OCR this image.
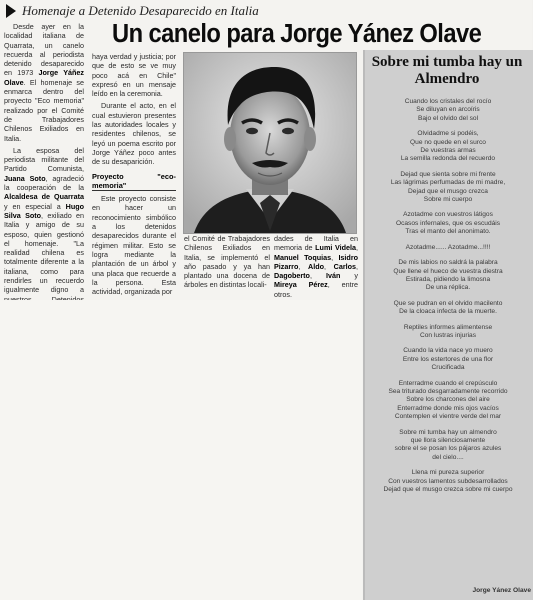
Homenaje a Detenido Desaparecido en Italia
Un canelo para Jorge Yánez Olave

Desde ayer en la localidad italiana de Quarrata, un canelo recuerda al periodista detenido desaparecido en 1973 Jorge Yáñez Olave. El homenaje se enmarca dentro del proyecto "Eco memoria" realizado por el Comité de Trabajadores Chilenos Exiliados en Italia.

La esposa del periodista militante del Partido Comunista, Juana Soto, agradeció la cooperación de la Alcaldesa de Quarrata y en especial a Hugo Silva Soto, exiliado en Italia y amigo de su esposo, quien gestionó el homenaje. "La realidad chilena es totalmente diferente a la italiana, como para rendirles un recuerdo igualmente digno a

haya verdad y justicia; por que de esto se ve muy poco acá en Chile" expresó en un mensaje leído en la ceremonia.

Durante el acto, en el cual estuvieron presentes las autoridades locales y residentes chilenos, se leyó un poema escrito por Jorge Yáñez poco antes de su desaparición.

Proyecto "eco-memoria"

Este proyecto consiste en hacer un reconocimiento simbólico a los detenidos desaparecidos durante el régimen militar. Esto se logra mediante la plantación de un árbol y una placa que recuerde a la persona. Esta actividad, organizada por

el Comité de Trabajadores Chilenos Exiliados en Italia, se implementó el año pasado y ya han plantado una docena de árboles en distintas locali-

dades de Italia en memoria de Lumi Videla, Manuel Toquias, Isidro Pizarro, Aldo, Carlos, Dagoberto, Iván y Mireya Pérez, entre otros.

Sobre mi tumba hay un Almendro
Cuando los cristales del rocío
Se diluyan en arcoíris
Bajo el olvido del sol
Olvidadme si podéis,
Que no quede en el surco
De vuestras armas
La semilla redonda del recuerdo
Dejad que sienta sobre mi frente
Las lágrimas perfumadas de mi madre,
Dejad que el musgo crezca
Sobre mi cuerpo
Azotadme con vuestros látigos
Ocasos infernales, que os escudáis
Tras el manto del anonimato.
Azotadme...... Azotadme...!!!!
De mis labios no saldrá la palabra
Que llene el hueco de vuestra diestra
Estirada, pidiendo la limosna
De una réplica.
Que se pudran en el olvido macilento
De la cloaca infecta de la muerte.
Reptiles informes alimentense
Con lustras injurias
Cuando la vida nace yo muero
Entre los estertores de una flor
Crucificada
Enterradme cuando el crepúsculo
Sea triturado desgarradamente recorrido
Sobre los charcones del aire
Enterradme donde mis ojos vacíos
Contemplen el vientre verde del mar
Sobre mi tumba hay un almendro
que llora silenciosamente
sobre el se posan los pájaros azules
del cielo....
Llena mi pureza superior
Con vuestros lamentos subdesarrollados
Dejad que el musgo crezca sobre mi cuerpo
Jorge Yánez Olave
